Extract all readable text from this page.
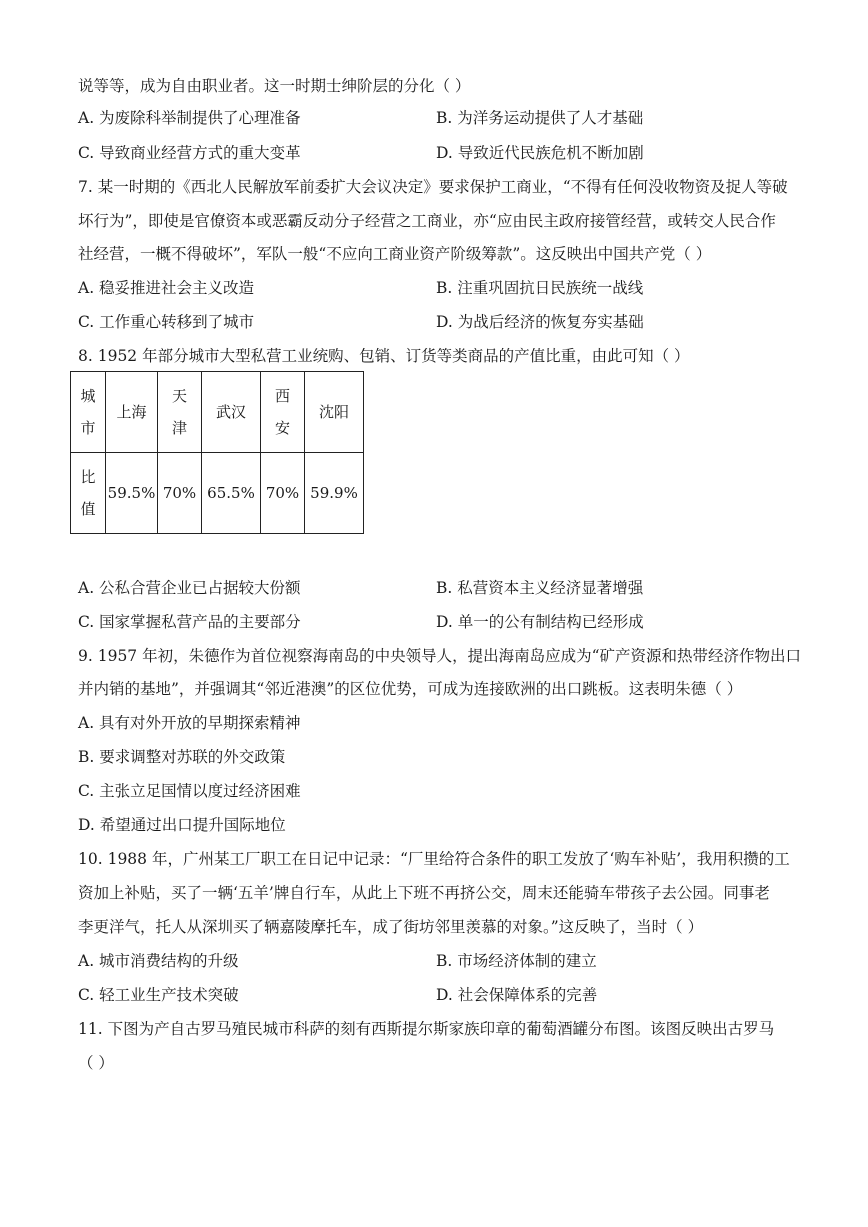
说等等，成为自由职业者。这一时期士绅阶层的分化（ ）
A. 为废除科举制提供了心理准备	B. 为洋务运动提供了人才基础
C. 导致商业经营方式的重大变革	D. 导致近代民族危机不断加剧
7. 某一时期的《西北人民解放军前委扩大会议决定》要求保护工商业，“不得有任何没收物资及捉人等破
坏行为”，即使是官僚资本或恶霸反动分子经营之工商业，亦“应由民主政府接管经营，或转交人民合作
社经营，一概不得破坏”，军队一般“不应向工商业资产阶级筹款”。这反映出中国共产党（ ）
A. 稳妥推进社会主义改造	B. 注重巩固抗日民族统一战线
C. 工作重心转移到了城市	D. 为战后经济的恢复夯实基础
8. 1952 年部分城市大型私营工业统购、包销、订货等类商品的产值比重，由此可知（ ）
城市	上海	天津	武汉	西安	沈阳
比值	59.5%	70%	65.5%	70%	59.9%
A. 公私合营企业已占据较大份额	B. 私营资本主义经济显著增强
C. 国家掌握私营产品的主要部分	D. 单一的公有制结构已经形成
9. 1957 年初，朱德作为首位视察海南岛的中央领导人，提出海南岛应成为“矿产资源和热带经济作物出口
并内销的基地”，并强调其“邻近港澳”的区位优势，可成为连接欧洲的出口跳板。这表明朱德（ ）
A. 具有对外开放的早期探索精神
B. 要求调整对苏联的外交政策
C. 主张立足国情以度过经济困难
D. 希望通过出口提升国际地位
10. 1988 年，广州某工厂职工在日记中记录：“厂里给符合条件的职工发放了‘购车补贴’，我用积攒的工
资加上补贴，买了一辆‘五羊’牌自行车，从此上下班不再挤公交，周末还能骑车带孩子去公园。同事老
李更洋气，托人从深圳买了辆嘉陵摩托车，成了街坊邻里羡慕的对象。”这反映了，当时（ ）
A. 城市消费结构的升级	B. 市场经济体制的建立
C. 轻工业生产技术突破	D. 社会保障体系的完善
11. 下图为产自古罗马殖民城市科萨的刻有西斯提尔斯家族印章的葡萄酒罐分布图。该图反映出古罗马
（ ）
